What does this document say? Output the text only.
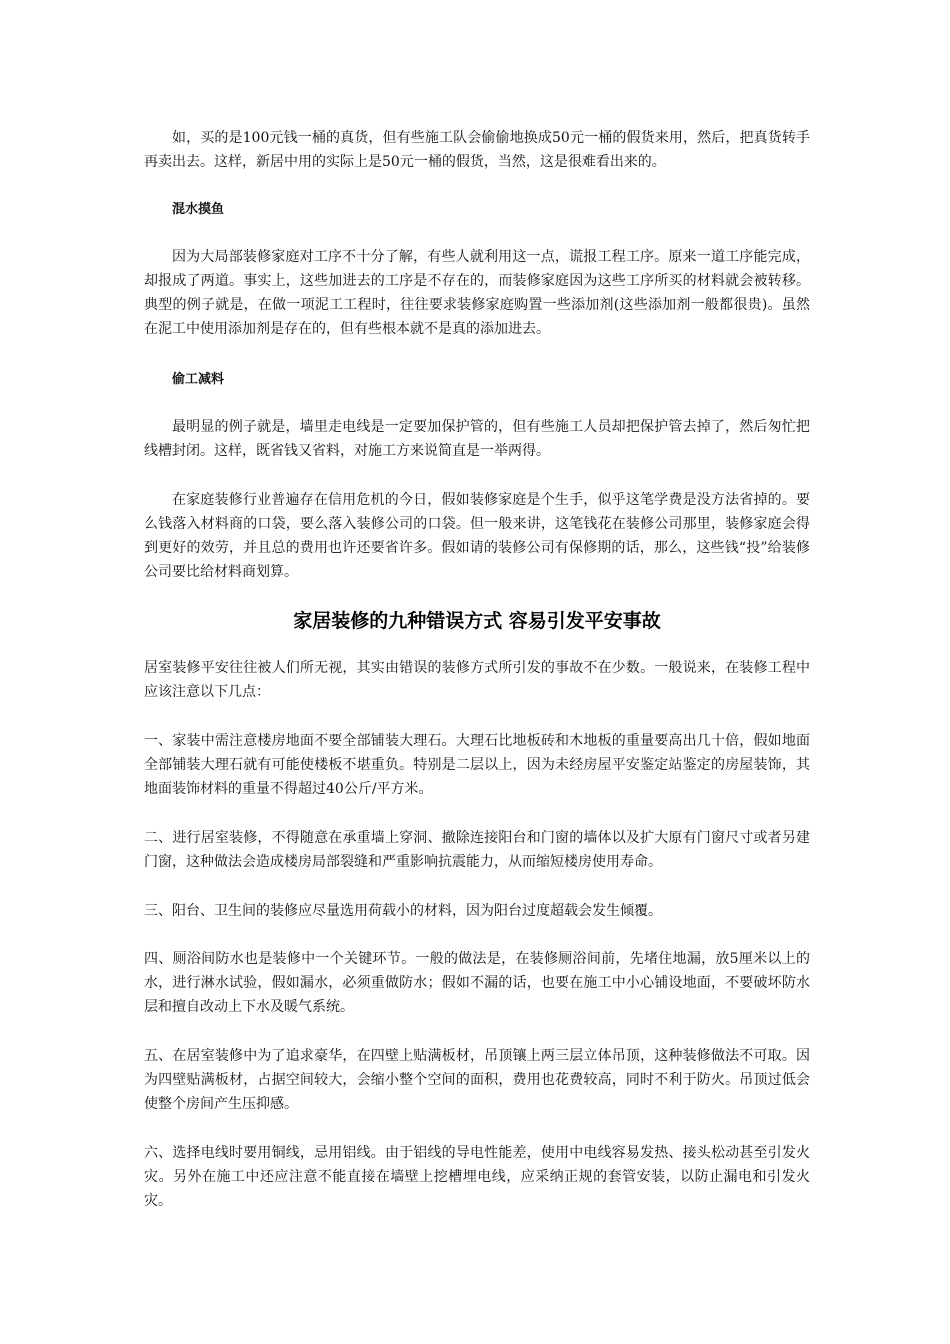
如，买的是100元钱一桶的真货，但有些施工队会偷偷地换成50元一桶的假货来用，然后，把真货转手再卖出去。这样，新居中用的实际上是50元一桶的假货，当然，这是很难看出来的。

混水摸鱼

因为大局部装修家庭对工序不十分了解，有些人就利用这一点，谎报工程工序。原来一道工序能完成，却报成了两道。事实上，这些加进去的工序是不存在的，而装修家庭因为这些工序所买的材料就会被转移。典型的例子就是，在做一项泥工工程时，往往要求装修家庭购置一些添加剂(这些添加剂一般都很贵)。虽然在泥工中使用添加剂是存在的，但有些根本就不是真的添加进去。

偷工减料

最明显的例子就是，墙里走电线是一定要加保护管的，但有些施工人员却把保护管去掉了，然后匆忙把线槽封闭。这样，既省钱又省料，对施工方来说简直是一举两得。

在家庭装修行业普遍存在信用危机的今日，假如装修家庭是个生手，似乎这笔学费是没方法省掉的。要么钱落入材料商的口袋，要么落入装修公司的口袋。但一般来讲，这笔钱花在装修公司那里，装修家庭会得到更好的效劳，并且总的费用也许还要省许多。假如请的装修公司有保修期的话，那么，这些钱“投”给装修公司要比给材料商划算。

家居装修的九种错误方式 容易引发平安事故

居室装修平安往往被人们所无视，其实由错误的装修方式所引发的事故不在少数。一般说来，在装修工程中应该注意以下几点：

一、家装中需注意楼房地面不要全部铺装大理石。大理石比地板砖和木地板的重量要高出几十倍，假如地面全部铺装大理石就有可能使楼板不堪重负。特别是二层以上，因为未经房屋平安鉴定站鉴定的房屋装饰，其地面装饰材料的重量不得超过40公斤/平方米。

二、进行居室装修，不得随意在承重墙上穿洞、撤除连接阳台和门窗的墙体以及扩大原有门窗尺寸或者另建门窗，这种做法会造成楼房局部裂缝和严重影响抗震能力，从而缩短楼房使用寿命。

三、阳台、卫生间的装修应尽量选用荷载小的材料，因为阳台过度超载会发生倾覆。

四、厕浴间防水也是装修中一个关键环节。一般的做法是，在装修厕浴间前，先堵住地漏，放5厘米以上的水，进行淋水试验，假如漏水，必须重做防水；假如不漏的话，也要在施工中小心铺设地面，不要破坏防水层和擅自改动上下水及暖气系统。

五、在居室装修中为了追求豪华，在四壁上贴满板材，吊顶镶上两三层立体吊顶，这种装修做法不可取。因为四壁贴满板材，占据空间较大，会缩小整个空间的面积，费用也花费较高，同时不利于防火。吊顶过低会使整个房间产生压抑感。

六、选择电线时要用铜线，忌用铝线。由于铝线的导电性能差，使用中电线容易发热、接头松动甚至引发火灾。另外在施工中还应注意不能直接在墙壁上挖槽埋电线，应采纳正规的套管安装，以防止漏电和引发火灾。
